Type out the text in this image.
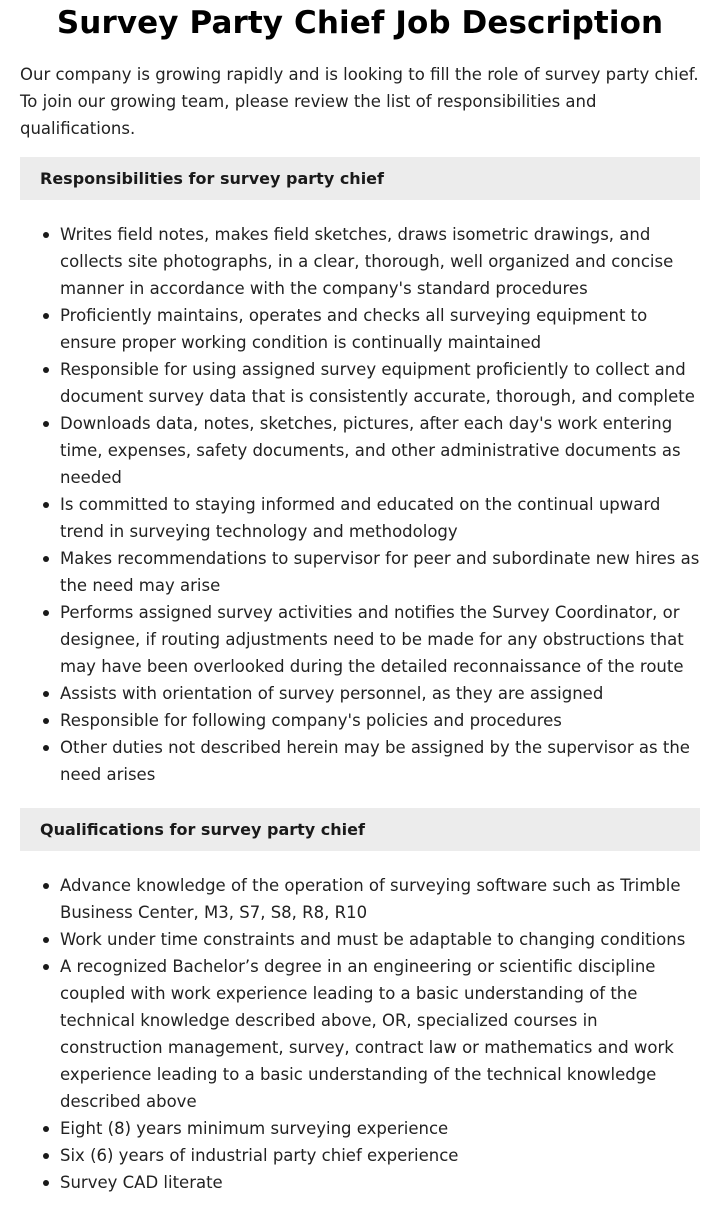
Survey Party Chief Job Description

Our company is growing rapidly and is looking to fill the role of survey party chief. To join our growing team, please review the list of responsibilities and qualifications.

Responsibilities for survey party chief
Writes field notes, makes field sketches, draws isometric drawings, and collects site photographs, in a clear, thorough, well organized and concise manner in accordance with the company's standard procedures
Proficiently maintains, operates and checks all surveying equipment to ensure proper working condition is continually maintained
Responsible for using assigned survey equipment proficiently to collect and document survey data that is consistently accurate, thorough, and complete
Downloads data, notes, sketches, pictures, after each day's work entering time, expenses, safety documents, and other administrative documents as needed
Is committed to staying informed and educated on the continual upward trend in surveying technology and methodology
Makes recommendations to supervisor for peer and subordinate new hires as the need may arise
Performs assigned survey activities and notifies the Survey Coordinator, or designee, if routing adjustments need to be made for any obstructions that may have been overlooked during the detailed reconnaissance of the route
Assists with orientation of survey personnel, as they are assigned
Responsible for following company's policies and procedures
Other duties not described herein may be assigned by the supervisor as the need arises
Qualifications for survey party chief
Advance knowledge of the operation of surveying software such as Trimble Business Center, M3, S7, S8, R8, R10
Work under time constraints and must be adaptable to changing conditions
A recognized Bachelor’s degree in an engineering or scientific discipline coupled with work experience leading to a basic understanding of the technical knowledge described above, OR, specialized courses in construction management, survey, contract law or mathematics and work experience leading to a basic understanding of the technical knowledge described above
Eight (8) years minimum surveying experience
Six (6) years of industrial party chief experience
Survey CAD literate
